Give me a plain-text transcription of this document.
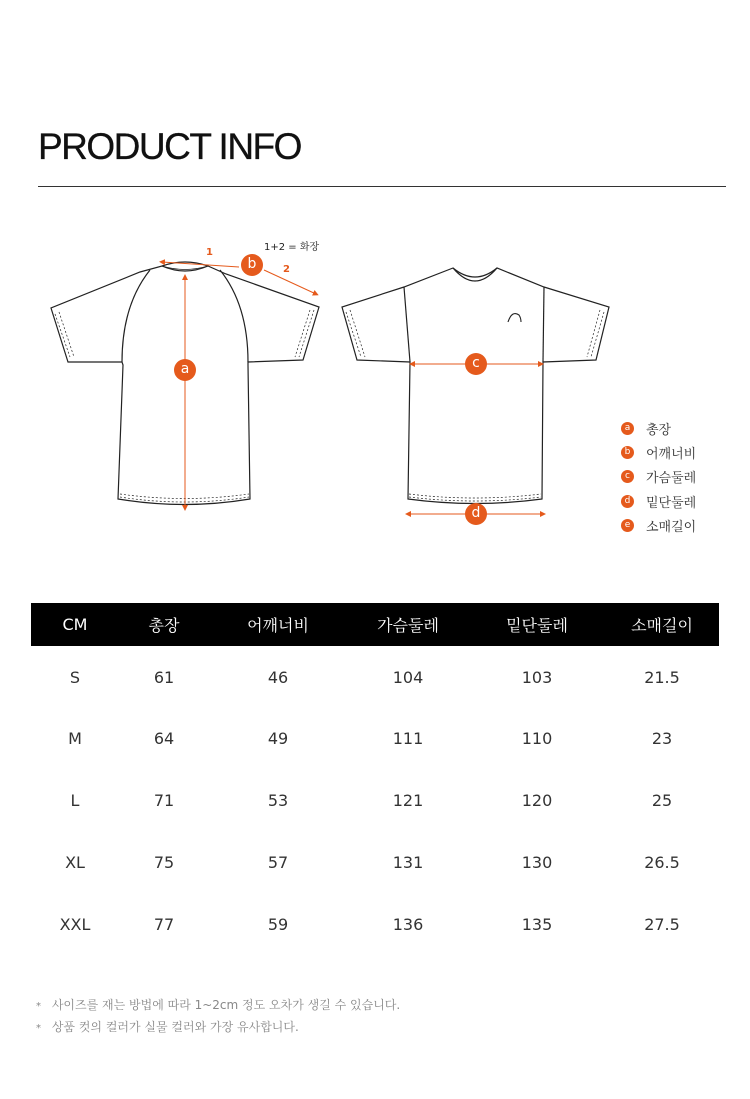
PRODUCT INFO
a
b
c
d
1
2
1+2 = 화장
a 총장
b 어깨너비
c	가슴둘레
d 밑단둘레
e 소매길이
CM	총장	어깨너비	가슴둘레	밑단둘레	소매길이
S	61	46	104	103	21.5
M	64	49	111	110	23
L	71	53	121	120	25
XL	75	57	131	130	26.5
XXL	77	59	136	135	27.5
* 사이즈를 재는 방법에 따라 1~2cm 정도 오차가 생길 수 있습니다.
* 상품 컷의 컬러가 실물 컬러와 가장 유사합니다.
